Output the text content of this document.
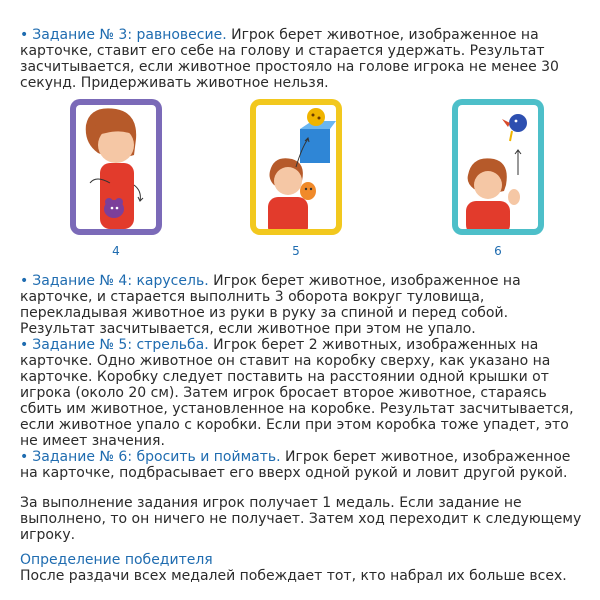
• Задание № 3: равновесие. Игрок берет животное, изображенное на карточке, ставит его себе на голову и старается удержать. Результат засчитывается, если животное простояло на голове игрока не менее 30 секунд. Придерживать животное нельзя.

4	5	6

• Задание № 4: карусель. Игрок берет животное, изображенное на карточке, и старается выполнить 3 оборота вокруг туловища, перекладывая животное из руки в руку за спиной и перед собой. Результат засчитывается, если животное при этом не упало.

• Задание № 5: стрельба. Игрок берет 2 животных, изображенных на карточке. Одно животное он ставит на коробку сверху, как указано на карточке. Коробку следует поставить на расстоянии одной крышки от игрока (около 20 см). Затем игрок бросает второе животное, стараясь сбить им животное, установленное на коробке. Результат засчитывается, если животное упало с коробки. Если при этом коробка тоже упадет, это не имеет значения.

• Задание № 6: бросить и поймать. Игрок берет животное, изображенное на карточке, подбрасывает его вверх одной рукой и ловит другой рукой.

За выполнение задания игрок получает 1 медаль. Если задание не выполнено, то он ничего не получает. Затем ход переходит к следующему игроку.

Определение победителя

После раздачи всех медалей побеждает тот, кто набрал их больше всех.
